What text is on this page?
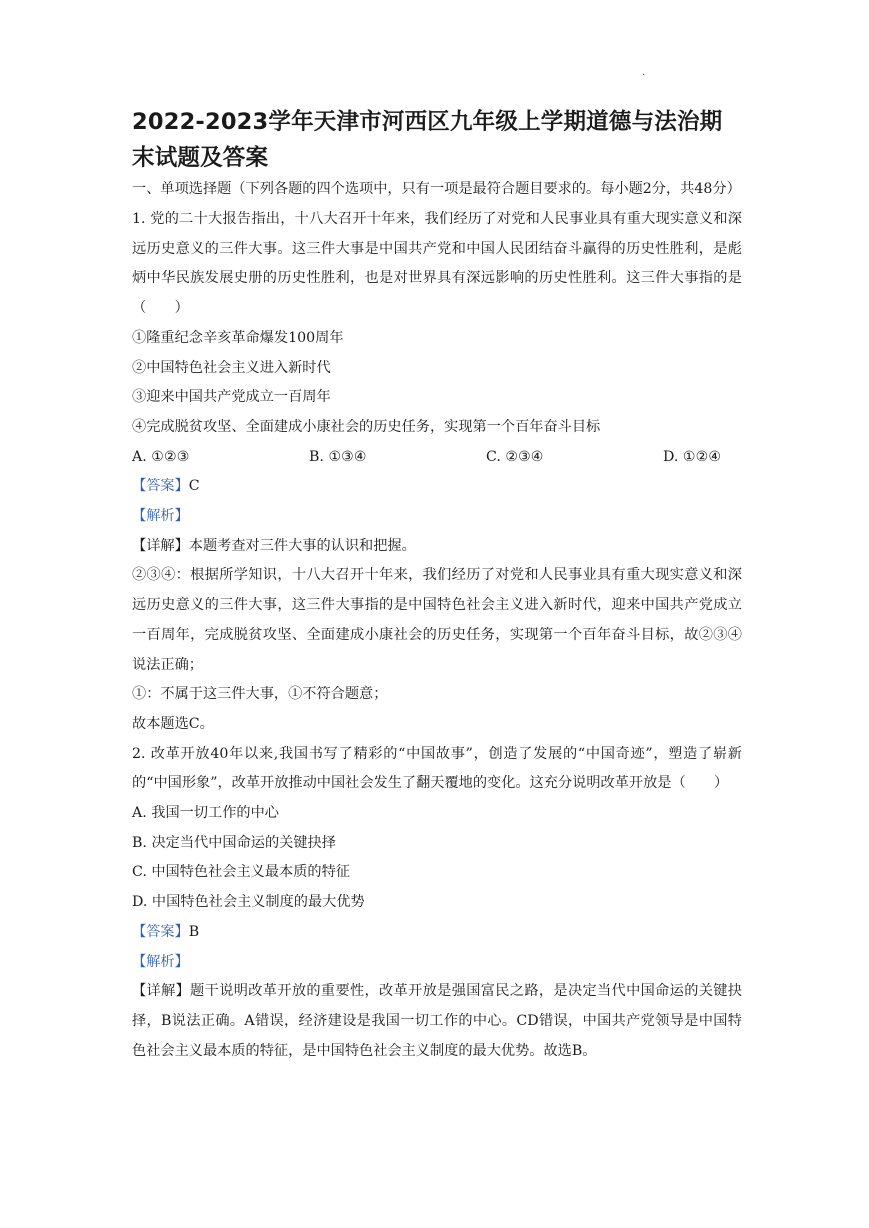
·
2022-2023学年天津市河西区九年级上学期道德与法治期末试题及答案

一、单项选择题（下列各题的四个选项中，只有一项是最符合题目要求的。每小题2分，共48分）

1. 党的二十大报告指出，十八大召开十年来，我们经历了对党和人民事业具有重大现实意义和深远历史意义的三件大事。这三件大事是中国共产党和中国人民团结奋斗赢得的历史性胜利，是彪炳中华民族发展史册的历史性胜利，也是对世界具有深远影响的历史性胜利。这三件大事指的是（　　）

①隆重纪念辛亥革命爆发100周年

②中国特色社会主义进入新时代

③迎来中国共产党成立一百周年

④完成脱贫攻坚、全面建成小康社会的历史任务，实现第一个百年奋斗目标

A. ①②③	B. ①③④	C. ②③④	D. ①②④

【答案】C

【解析】

【详解】本题考查对三件大事的认识和把握。

②③④：根据所学知识，十八大召开十年来，我们经历了对党和人民事业具有重大现实意义和深远历史意义的三件大事，这三件大事指的是中国特色社会主义进入新时代，迎来中国共产党成立一百周年，完成脱贫攻坚、全面建成小康社会的历史任务，实现第一个百年奋斗目标，故②③④说法正确；

①：不属于这三件大事，①不符合题意；

故本题选C。

2. 改革开放40年以来,我国书写了精彩的“中国故事”，创造了发展的“中国奇迹”，塑造了崭新的“中国形象”，改革开放推动中国社会发生了翻天覆地的变化。这充分说明改革开放是（　　）

A. 我国一切工作的中心

B. 决定当代中国命运的关键抉择

C. 中国特色社会主义最本质的特征

D. 中国特色社会主义制度的最大优势

【答案】B

【解析】

【详解】题干说明改革开放的重要性，改革开放是强国富民之路，是决定当代中国命运的关键抉择，B说法正确。A错误，经济建设是我国一切工作的中心。CD错误，中国共产党领导是中国特色社会主义最本质的特征，是中国特色社会主义制度的最大优势。故选B。
